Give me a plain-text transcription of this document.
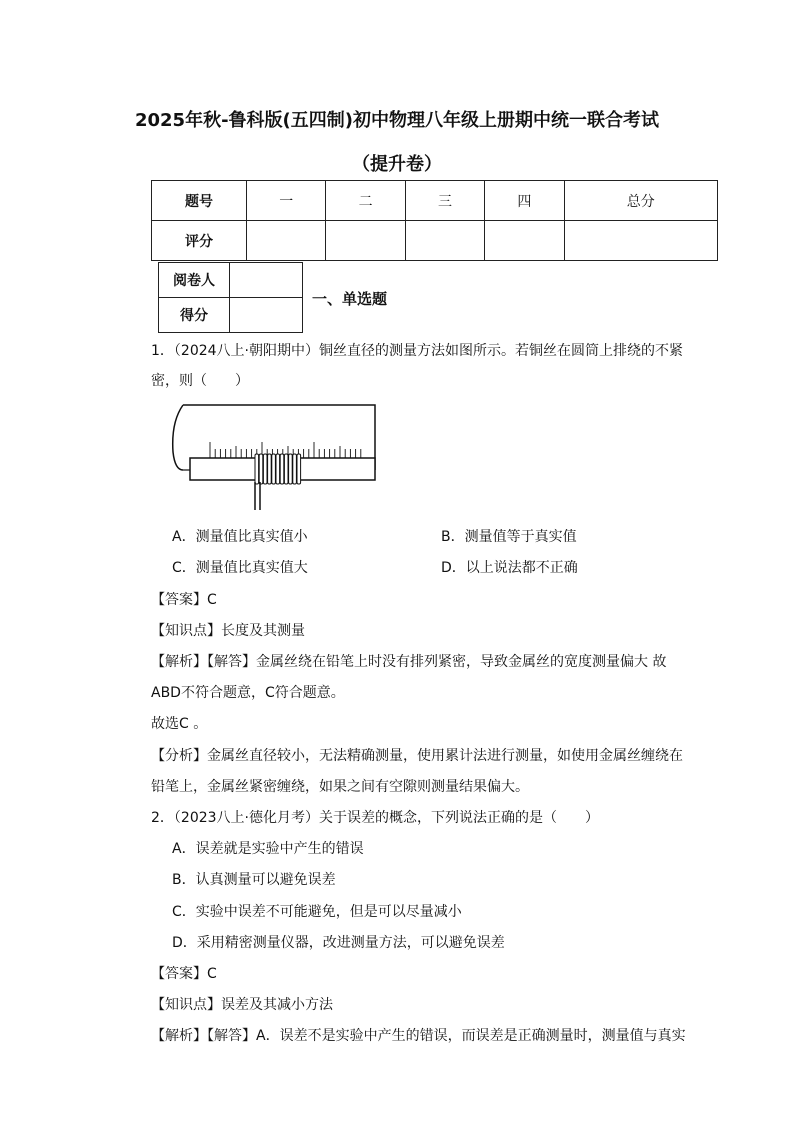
2025年秋-鲁科版(五四制)初中物理八年级上册期中统一联合考试
（提升卷）
题号	一	二	三	四	总分
评分					
阅卷人	
得分	
一、单选题
1．（2024八上·朝阳期中）铜丝直径的测量方法如图所示。若铜丝在圆筒上排绕的不紧
密，则（　　）
A．测量值比真实值小	B．测量值等于真实值
C．测量值比真实值大	D．以上说法都不正确
【答案】C
【知识点】长度及其测量
【解析】【解答】金属丝绕在铅笔上时没有排列紧密，导致金属丝的宽度测量偏大 故
ABD不符合题意，C符合题意。
故选C 。
【分析】金属丝直径较小，无法精确测量，使用累计法进行测量，如使用金属丝缠绕在
铅笔上，金属丝紧密缠绕，如果之间有空隙则测量结果偏大。
2．（2023八上·德化月考）关于误差的概念，下列说法正确的是（　　）
A．误差就是实验中产生的错误
B．认真测量可以避免误差
C．实验中误差不可能避免，但是可以尽量减小
D．采用精密测量仪器，改进测量方法，可以避免误差
【答案】C
【知识点】误差及其减小方法
【解析】【解答】A．误差不是实验中产生的错误，而误差是正确测量时，测量值与真实
